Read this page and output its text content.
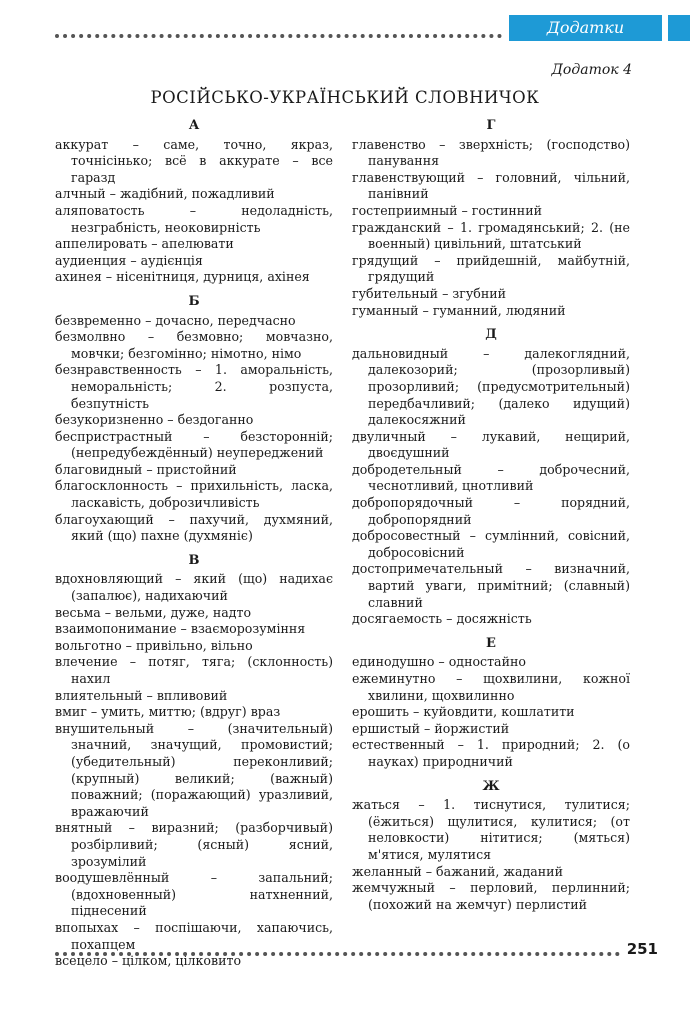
Додатки
Додаток 4
РОСІЙСЬКО-УКРАЇНСЬКИЙ СЛОВНИЧОК
А
аккурат – саме, точно, якраз, точнісінько; всё в аккурате – все гаразд
алчный – жадібний, пожадливий
аляповатость – недоладність, незграбність, неоковирність
аппелировать – апелювати
аудиенция – аудієнція
ахинея – нісенітниця, дурниця, ахінея
Б
безвременно – дочасно, передчасно
безмолвно – безмовно; мовчазно, мовчки; безгомінно; німотно, німо
безнравственность – 1. аморальність, неморальність; 2. розпуста, безпутність
безукоризненно – бездоганно
беспристрастный – безсторонній; (непредубеждённый) неупереджений
благовидный – пристойний
благосклонность – прихильність, ласка, ласкавість, доброзичливість
благоухающий – пахучий, духмяний, який (що) пахне (духмяніє)
В
вдохновляющий – який (що) надихає (запалює), надихаючий
весьма – вельми, дуже, надто
взаимопонимание – взаєморозуміння
вольготно – привільно, вільно
влечение – потяг, тяга; (склонность) нахил
влиятельный – впливовий
вмиг – умить, миттю; (вдруг) враз
внушительный – (значительный) значний, значущий, промовистий; (убедительный) переконливий; (крупный) великий; (важный) поважний; (поражающий) уразливий, вражаючий
внятный – виразний; (разборчивый) розбірливий; (ясный) ясний, зрозумілий
воодушевлённый – запальний; (вдохновенный) натхненний, піднесений
впопыхах – поспішаючи, хапаючись, похапцем
всецело – цілком, цілковито
Г
главенство – зверхність; (господство) панування
главенствующий – головний, чільний, панівний
гостеприимный – гостинний
гражданский – 1. громадянський; 2. (не военный) цивільний, штатський
грядущий – прийдешній, майбутній, грядущий
губительный – згубний
гуманный – гуманний, людяний
Д
дальновидный – далекоглядний, далекозорий; (прозорливый) прозорливий; (предусмотрительный) передбачливий; (далеко идущий) далекосяжний
двуличный – лукавий, нещирий, двоєдушний
добродетельный – доброчесний, чеснотливий, цнотливий
добропорядочный – порядний, добропорядний
добросовестный – сумлінний, совісний, добросовісний
достопримечательный – визначний, вартий уваги, примітний; (славный) славний
досягаемость – досяжність
Е
единодушно – одностайно
ежеминутно – щохвилини, кожної хвилини, щохвилинно
ерошить – куйовдити, кошлатити
ершистый – йоржистий
естественный – 1. природний; 2. (о науках) природничий
Ж
жаться – 1. тиснутися, тулитися; (ёжиться) щулитися, кулитися; (от неловкости) нітитися; (мяться) м'ятися, мулятися
желанный – бажаний, жаданий
жемчужный – перловий, перлинний; (похожий на жемчуг) перлистий
251
